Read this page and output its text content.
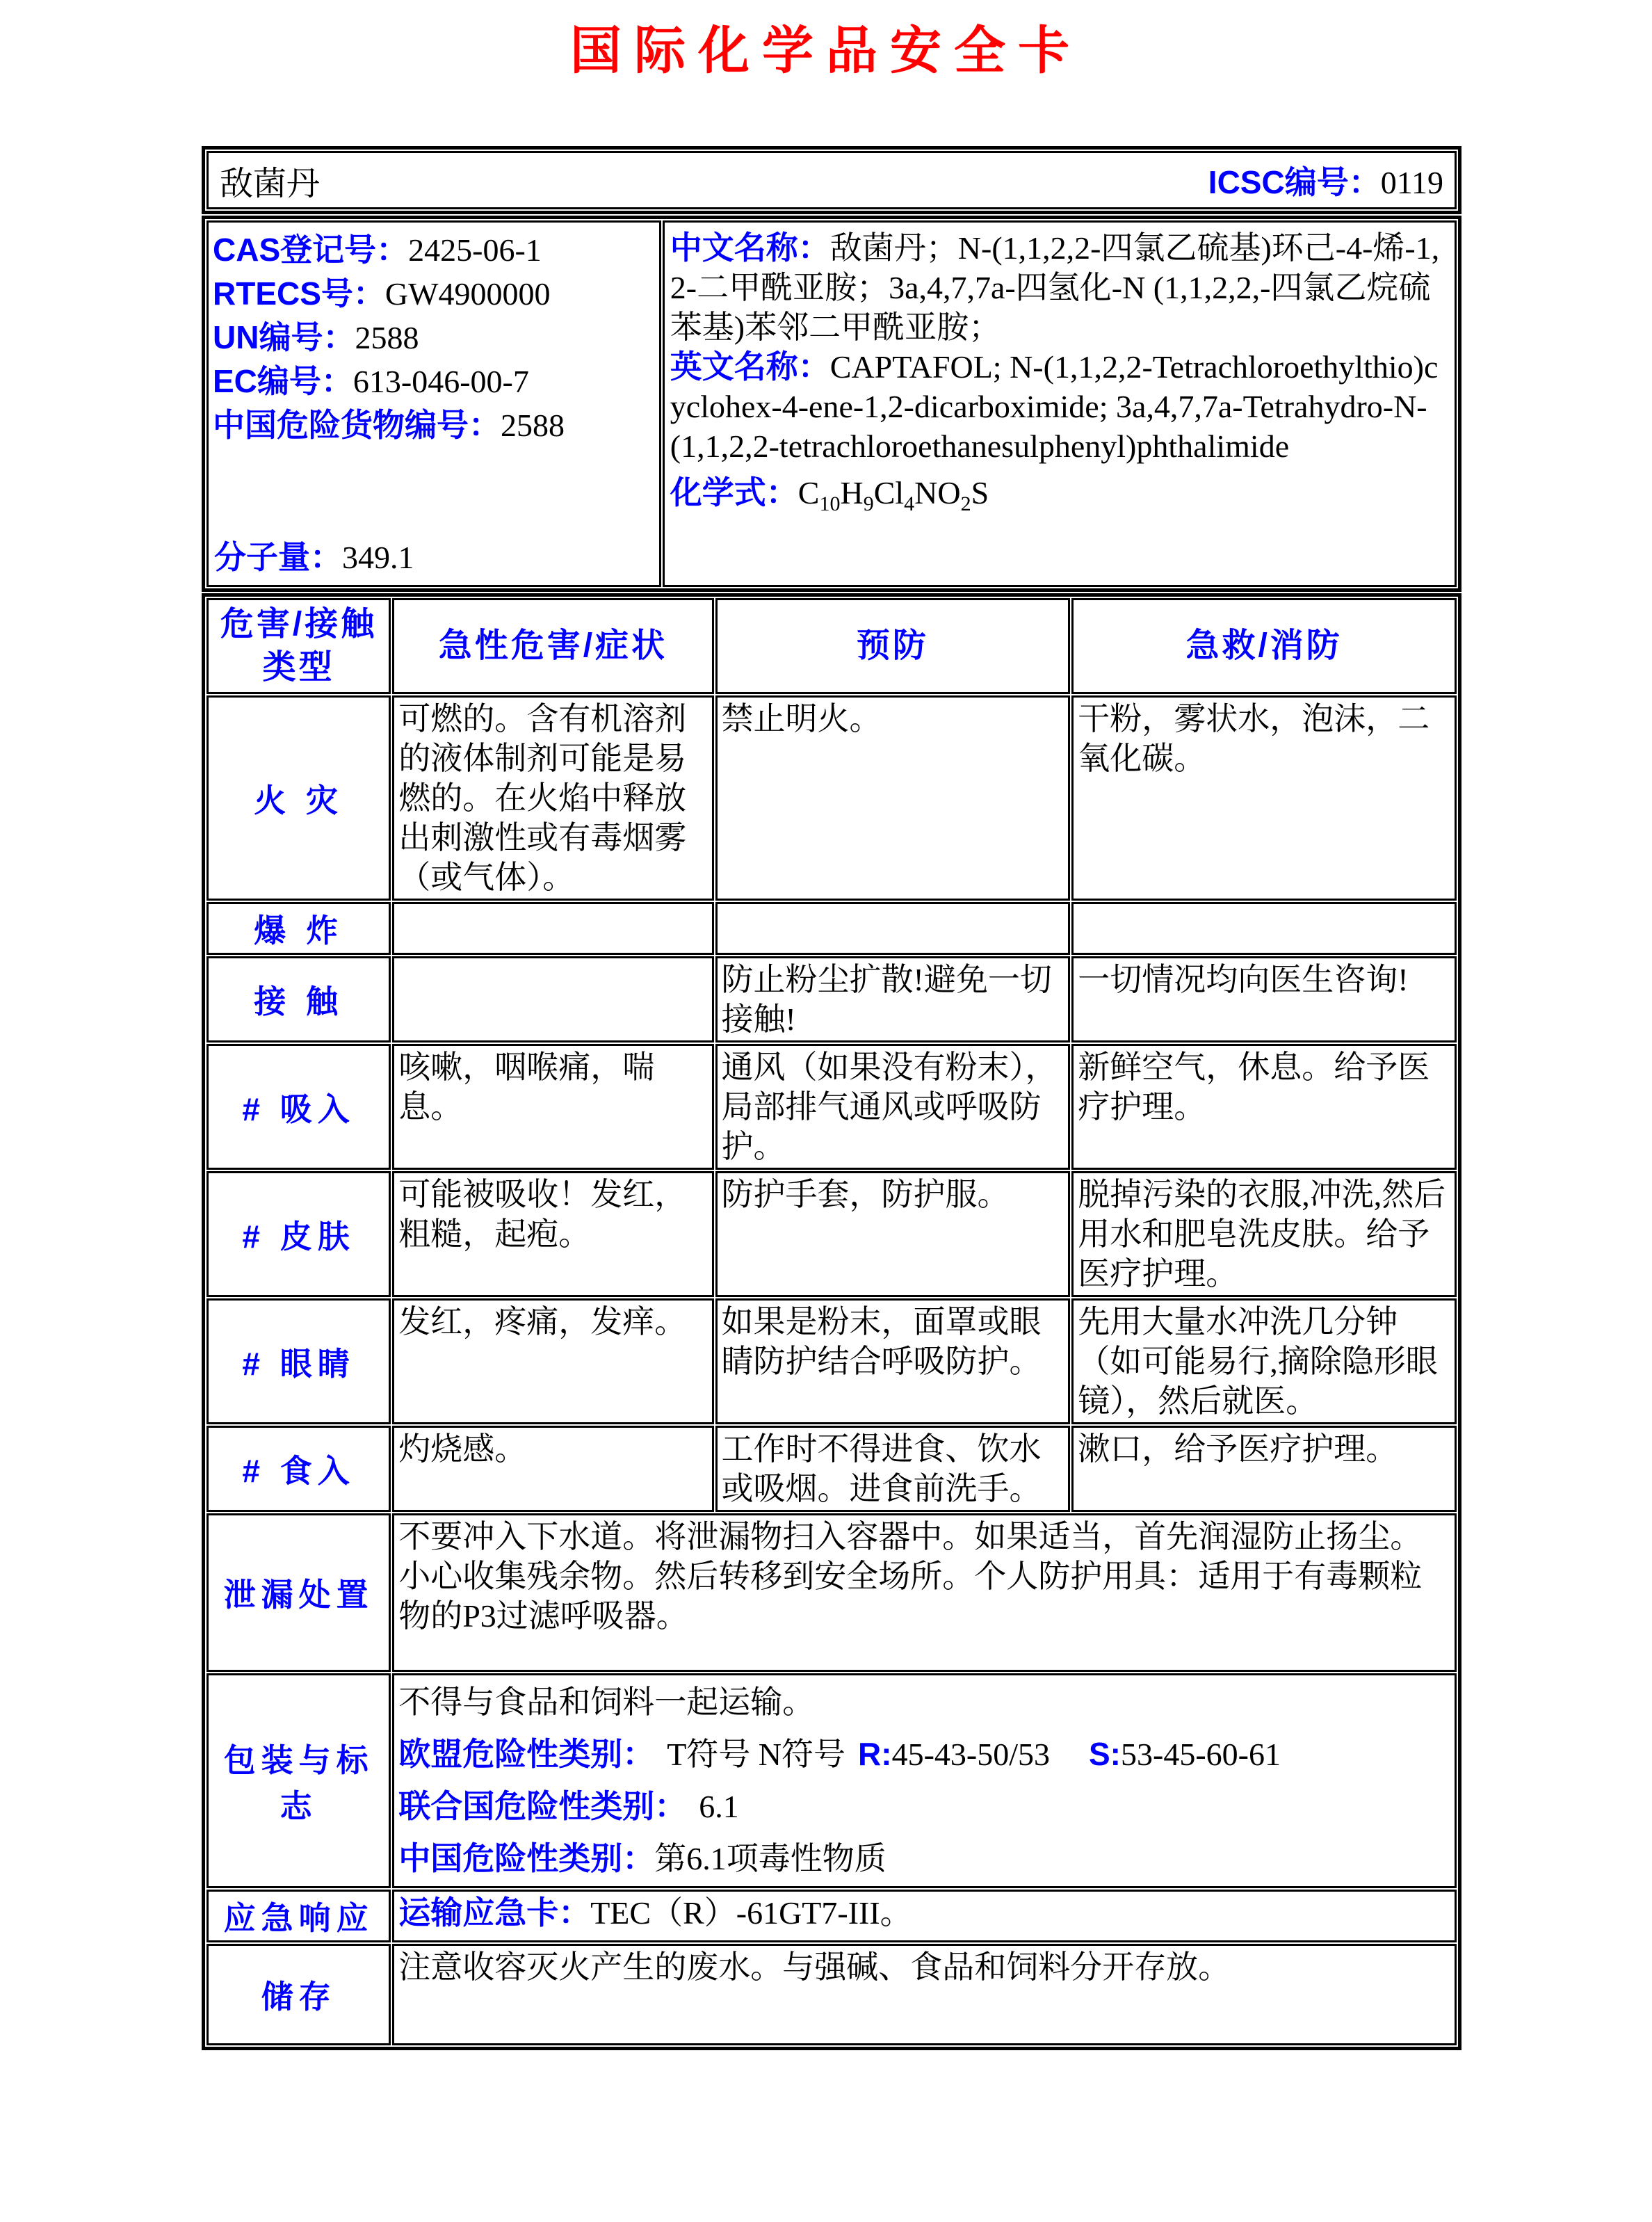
国际化学品安全卡
敌菌丹	ICSC编号：0119
CAS登记号：2425-06-1
RTECS号：GW4900000
UN编号：2588
EC编号：613-046-00-7
中国危险货物编号：2588
分子量：349.1

中文名称：敌菌丹；N-(1,1,2,2-四氯乙硫基)环己-4-烯-1,2-二甲酰亚胺；3a,4,7,7a-四氢化-N (1,1,2,2,-四氯乙烷硫苯基)苯邻二甲酰亚胺；

英文名称：CAPTAFOL; N-(1,1,2,2-Tetrachloroethylthio)cyclohex-4-ene-1,2-dicarboximide; 3a,4,7,7a-Tetrahydro-N-(1,1,2,2-tetrachloroethanesulphenyl)phthalimide

化学式：$C_{10}H_9Cl_4NO_2S$
危害/接触类型	急性危害/症状	预防	急救/消防
火 灾	可燃的。含有机溶剂的液体制剂可能是易燃的。在火焰中释放出刺激性或有毒烟雾（或气体）。	禁止明火。	干粉，雾状水，泡沫，二氧化碳。
爆 炸			
接 触		防止粉尘扩散!避免一切接触!	一切情况均向医生咨询!
# 吸入	咳嗽，咽喉痛，喘息。	通风（如果没有粉末），局部排气通风或呼吸防护。	新鲜空气，休息。给予医疗护理。
# 皮肤	可能被吸收！发红，粗糙，起疱。	防护手套，防护服。	脱掉污染的衣服,冲洗,然后用水和肥皂洗皮肤。给予医疗护理。
# 眼睛	发红，疼痛，发痒。	如果是粉末，面罩或眼睛防护结合呼吸防护。	先用大量水冲洗几分钟（如可能易行,摘除隐形眼镜），然后就医。
# 食入	灼烧感。	工作时不得进食、饮水或吸烟。进食前洗手。	漱口，给予医疗护理。
泄漏处置	不要冲入下水道。将泄漏物扫入容器中。如果适当，首先润湿防止扬尘。小心收集残余物。然后转移到安全场所。个人防护用具：适用于有毒颗粒物的P3过滤呼吸器。		
包装与标志	不得与食品和饲料一起运输。
欧盟危险性类别： T符号 N符号 R:45-43-50/53 S:53-45-60-61
联合国危险性类别： 6.1
中国危险性类别：第6.1项毒性物质		

应急响应	运输应急卡：TEC（R）-61GT7-III。		
储存	注意收容灭火产生的废水。与强碱、食品和饲料分开存放。		
